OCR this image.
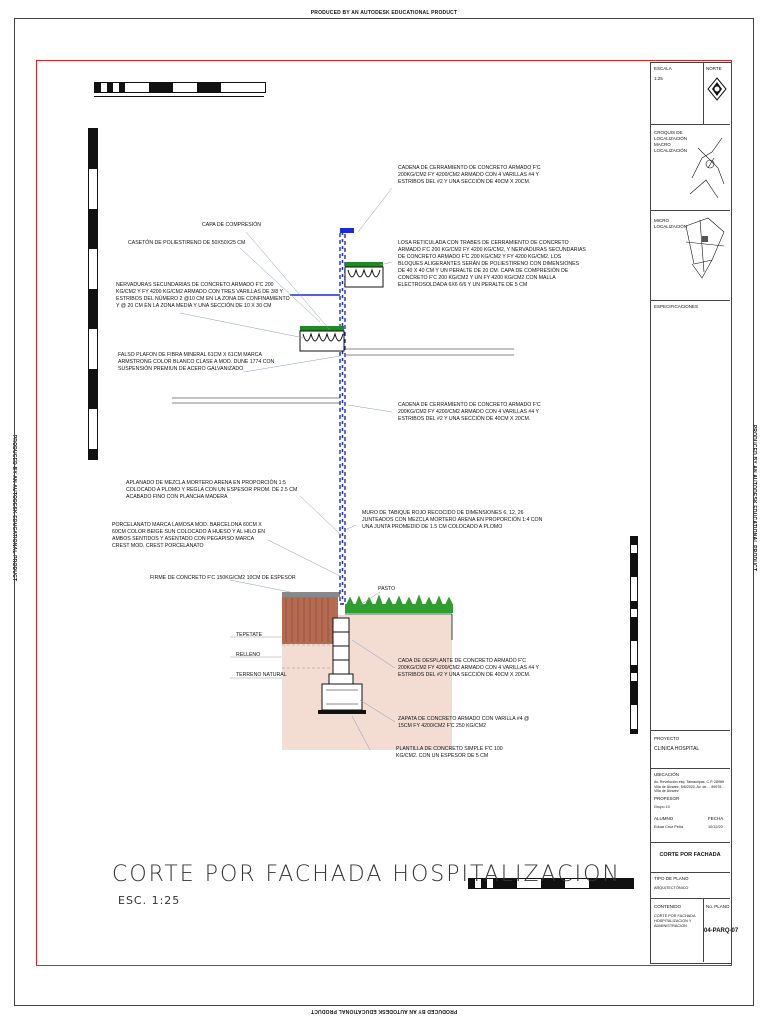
PRODUCED BY AN AUTODESK EDUCATIONAL PRODUCT
PRODUCED BY AN AUTODESK EDUCATIONAL PRODUCT
PRODUCED BY AN AUTODESK EDUCATIONAL PRODUCT	PRODUCED BY AN AUTODESK EDUCATIONAL PRODUCT
CAPA DE COMPRESIÓN
CASETÓN DE POLIESTIRENO DE 50X50X25 CM
NERVADURAS SECUNDARIAS DE CONCRETO ARMADO F'C 200 KG/CM2 Y FY 4200 KG/CM2 ARMADO CON TRES VARILLAS DE 3/8 Y ESTRIBOS DEL NÚMERO 2 @10 CM EN LA ZONA DE CONFINAMIENTO Y @ 20 CM EN LA ZONA MEDIA Y UNA SECCIÓN DE 10 X 30 CM
FALSO PLAFON DE FIBRA MINERAL 61CM X 61CM MARCA ARMSTRONG COLOR BLANCO CLASE A MOD. DUNE 1774 CON SUSPENSIÓN PREMIUN DE ACERO GALVANIZADO
CADENA DE CERRAMIENTO DE CONCRETO ARMADO F'C 200KG/CM2 FY 4200/CM2 ARMADO CON 4 VARILLAS #4 Y ESTRIBOS DEL #2 Y UNA SECCIÓN DE 40CM X 20CM.
LOSA RETICULADA CON TRABES DE CERRAMIENTO DE CONCRETO ARMADO F'C 200 KG/CM2 FY 4200 KG/CM2, Y NERVADURAS SECUNDARIAS DE CONCRETO ARMADO F'C 200 KG/CM2 Y FY 4200 KG/CM2. LOS BLOQUES ALIGERANTES SERÁN DE POLIESTIRENO CON DIMENSIONES DE 40 X 40 CM Y UN PERALTE DE 20 CM. CAPA DE COMPRESIÓN DE CONCRETO F'C 200 KG/CM2 Y UN FY 4200 KG/CM2 CON MALLA ELECTROSOLDADA 6X6 6/6 Y UN PERALTE DE 5 CM
CADENA DE CERRAMIENTO DE CONCRETO ARMADO F'C 200KG/CM2 FY 4200/CM2 ARMADO CON 4 VARILLAS #4 Y ESTRIBOS DEL #2 Y UNA SECCIÓN DE 40CM X 20CM.
APLANADO DE MEZCLA MORTERO ARENA EN PROPORCIÓN 1:5 COLOCADO A PLOMO Y REGLA CON UN ESPESOR PROM. DE 2.5 CM ACABADO FINO CON PLANCHA MADERA
MURO DE TABIQUE ROJO RECOCIDO DE DIMENSIONES 6, 12, 26 JUNTEADOS CON MEZCLA MORTERO ARENA EN PROPORCIÓN 1:4 CON UNA JUNTA PROMEDIO DE 1.5 CM COLOCADO A PLOMO
PORCELANATO MARCA LAMOSA MOD. BARCELONA 60CM X 60CM COLOR BEIGE SUN COLOCADO A HUESO Y AL HILO EN AMBOS SENTIDOS Y ASENTADO CON PEGAPISO MARCA CREST MOD. CREST PORCELANATO
FIRME DE CONCRETO F'C 150KG/CM2 10CM DE ESPESOR
PASTO
TEPETATE
RELLENO
TERRENO NATURAL
CADA DE DESPLANTE DE CONCRETO ARMADO F'C 200KG/CM2 FY 4200/CM2 ARMADO CON 4 VARILLAS #4 Y ESTRIBOS DEL #2 Y UNA SECCIÓN DE 40CM X 20CM.
ZAPATA DE CONCRETO ARMADO CON VARILLA #4 @ 15CM FY 4200/CM2 F'C 250 KG/CM2
PLANTILLA DE CONCRETO SIMPLE F'C 100 KG/CM2. CON UN ESPESOR DE 5 CM
CORTE POR FACHADA HOSPITALIZACION
ESC. 1:25
ESCALA
1:25
NORTE
CROQUIS DE LOCALIZACIÓN
MACRO LOCALIZACIÓN
MICRO LOCALIZACIÓN
ESPECIFICACIONES
PROYECTO
CLINICA HOSPITAL
UBICACIÓN
Av. Revolución esq. Tamaulipas, C.P. 28989 Villa de Álvarez, 5/6/2020, Av. de ... 89978 ... Villa de Álvarez
PROFESOR
Grupo 10
ALUMNO
Eduar Cruz Peña
FECHA
10/12/20
CORTE POR FACHADA
TIPO DE PLANO
ARQUITECTÓNICO
CONTENIDO
CORTE POR FACHADA HOSPITALIZACION Y ADMINISTRACION
No. PLANO
04-PARQ-07
